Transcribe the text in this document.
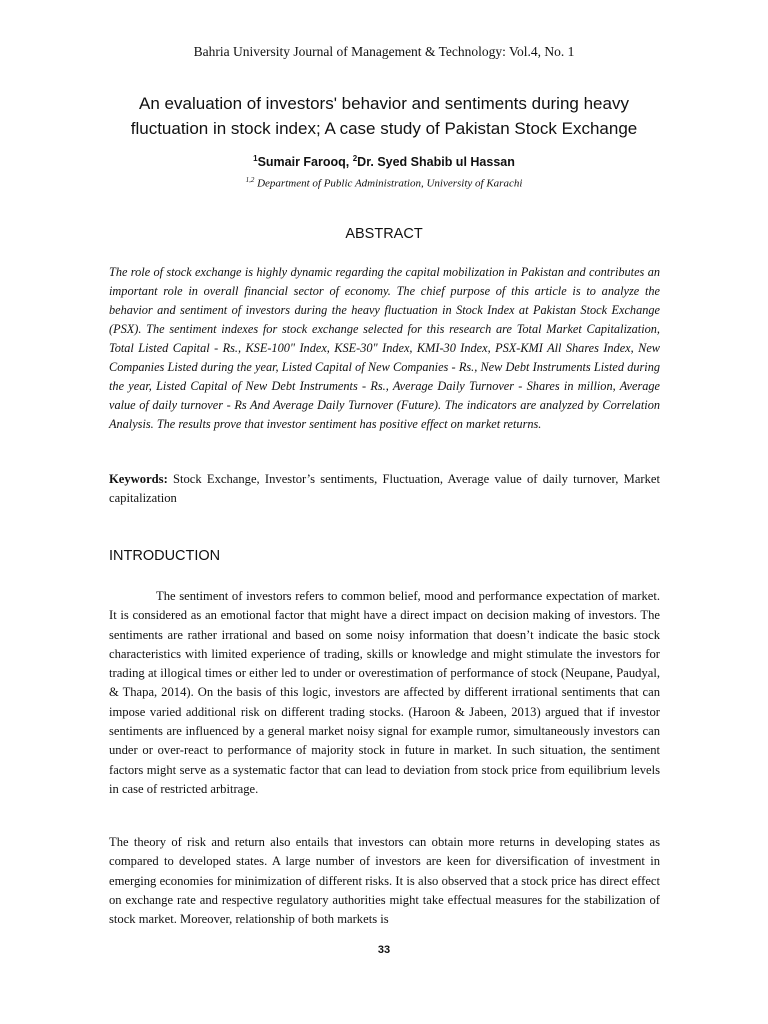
Bahria University Journal of Management & Technology: Vol.4, No. 1
An evaluation of investors' behavior and sentiments during heavy
fluctuation in stock index; A case study of Pakistan Stock Exchange
$^1$Sumair Farooq, $^2$Dr. Syed Shabib ul Hassan
$^{1,2}$ Department of Public Administration, University of Karachi
ABSTRACT

The role of stock exchange is highly dynamic regarding the capital mobilization in Pakistan and contributes an important role in overall financial sector of economy. The chief purpose of this article is to analyze the behavior and sentiment of investors during the heavy fluctuation in Stock Index at Pakistan Stock Exchange (PSX). The sentiment indexes for stock exchange selected for this research are Total Market Capitalization, Total Listed Capital - Rs., KSE-100" Index, KSE-30" Index, KMI-30 Index, PSX-KMI All Shares Index, New Companies Listed during the year, Listed Capital of New Companies - Rs., New Debt Instruments Listed during the year, Listed Capital of New Debt Instruments - Rs., Average Daily Turnover - Shares in million, Average value of daily turnover - Rs And Average Daily Turnover (Future). The indicators are analyzed by Correlation Analysis. The results prove that investor sentiment has positive effect on market returns.

Keywords: Stock Exchange, Investor’s sentiments, Fluctuation, Average value of daily turnover, Market capitalization

INTRODUCTION

The sentiment of investors refers to common belief, mood and performance expectation of market. It is considered as an emotional factor that might have a direct impact on decision making of investors. The sentiments are rather irrational and based on some noisy information that doesn’t indicate the basic stock characteristics with limited experience of trading, skills or knowledge and might stimulate the investors for trading at illogical times or either led to under or overestimation of performance of stock (Neupane, Paudyal, & Thapa, 2014). On the basis of this logic, investors are affected by different irrational sentiments that can impose varied additional risk on different trading stocks. (Haroon & Jabeen, 2013) argued that if investor sentiments are influenced by a general market noisy signal for example rumor, simultaneously investors can under or over-react to performance of majority stock in future in market. In such situation, the sentiment factors might serve as a systematic factor that can lead to deviation from stock price from equilibrium levels in case of restricted arbitrage.

The theory of risk and return also entails that investors can obtain more returns in developing states as compared to developed states. A large number of investors are keen for diversification of investment in emerging economies for minimization of different risks. It is also observed that a stock price has direct effect on exchange rate and respective regulatory authorities might take effectual measures for the stabilization of stock market. Moreover, relationship of both markets is

33
